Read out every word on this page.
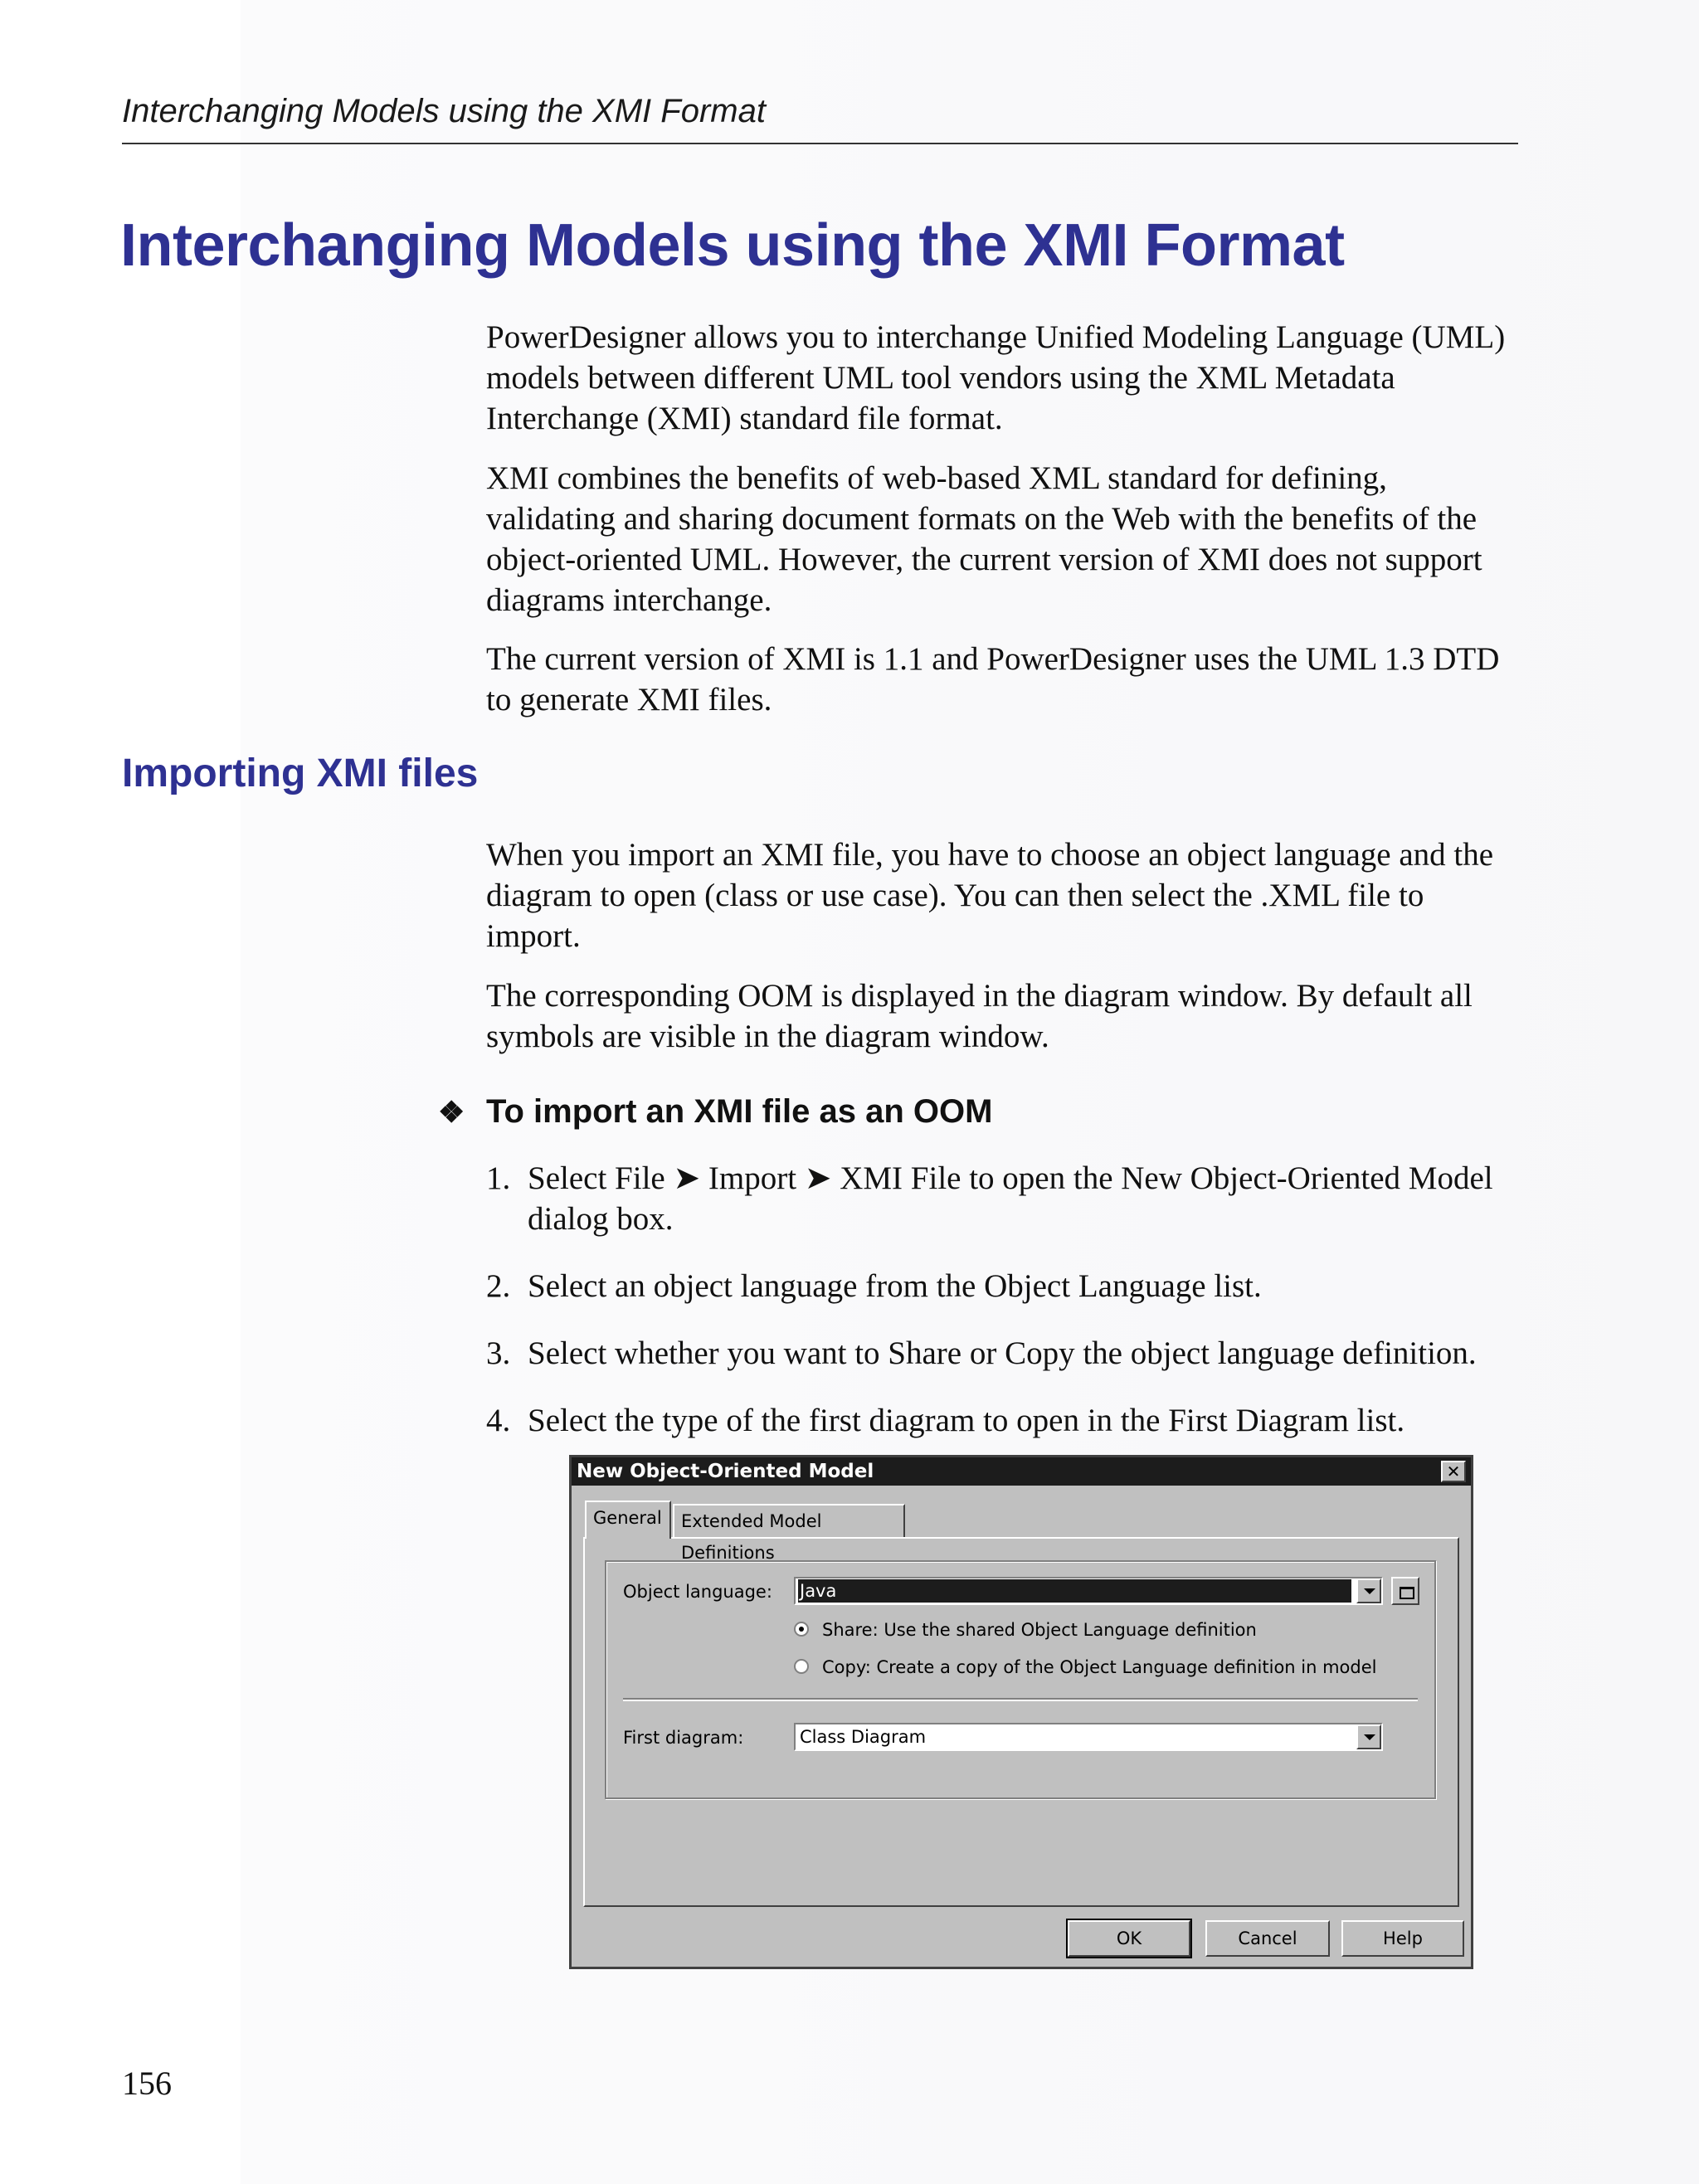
Interchanging Models using the XMI Format
Interchanging Models using the XMI Format

PowerDesigner allows you to interchange Unified Modeling Language (UML) models between different UML tool vendors using the XML Metadata Interchange (XMI) standard file format.

XMI combines the benefits of web-based XML standard for defining, validating and sharing document formats on the Web with the benefits of the object-oriented UML. However, the current version of XMI does not support diagrams interchange.

The current version of XMI is 1.1 and PowerDesigner uses the UML 1.3 DTD to generate XMI files.

Importing XMI files

When you import an XMI file, you have to choose an object language and the diagram to open (class or use case). You can then select the .XML file to import.

The corresponding OOM is displayed in the diagram window. By default all symbols are visible in the diagram window.

❖ To import an XMI file as an OOM
1. Select File ➤ Import ➤ XMI File to open the New Object-Oriented Model dialog box.
2. Select an object language from the Object Language list.
3. Select whether you want to Share or Copy the object language definition.
4. Select the type of the first diagram to open in the First Diagram list.
New Object-Oriented Model	✕
Extended Model Definitions
General
Object language: Java
Share: Use the shared Object Language definition
Copy: Create a copy of the Object Language definition in model
First diagram:	Class Diagram
OK	Cancel	Help
156
